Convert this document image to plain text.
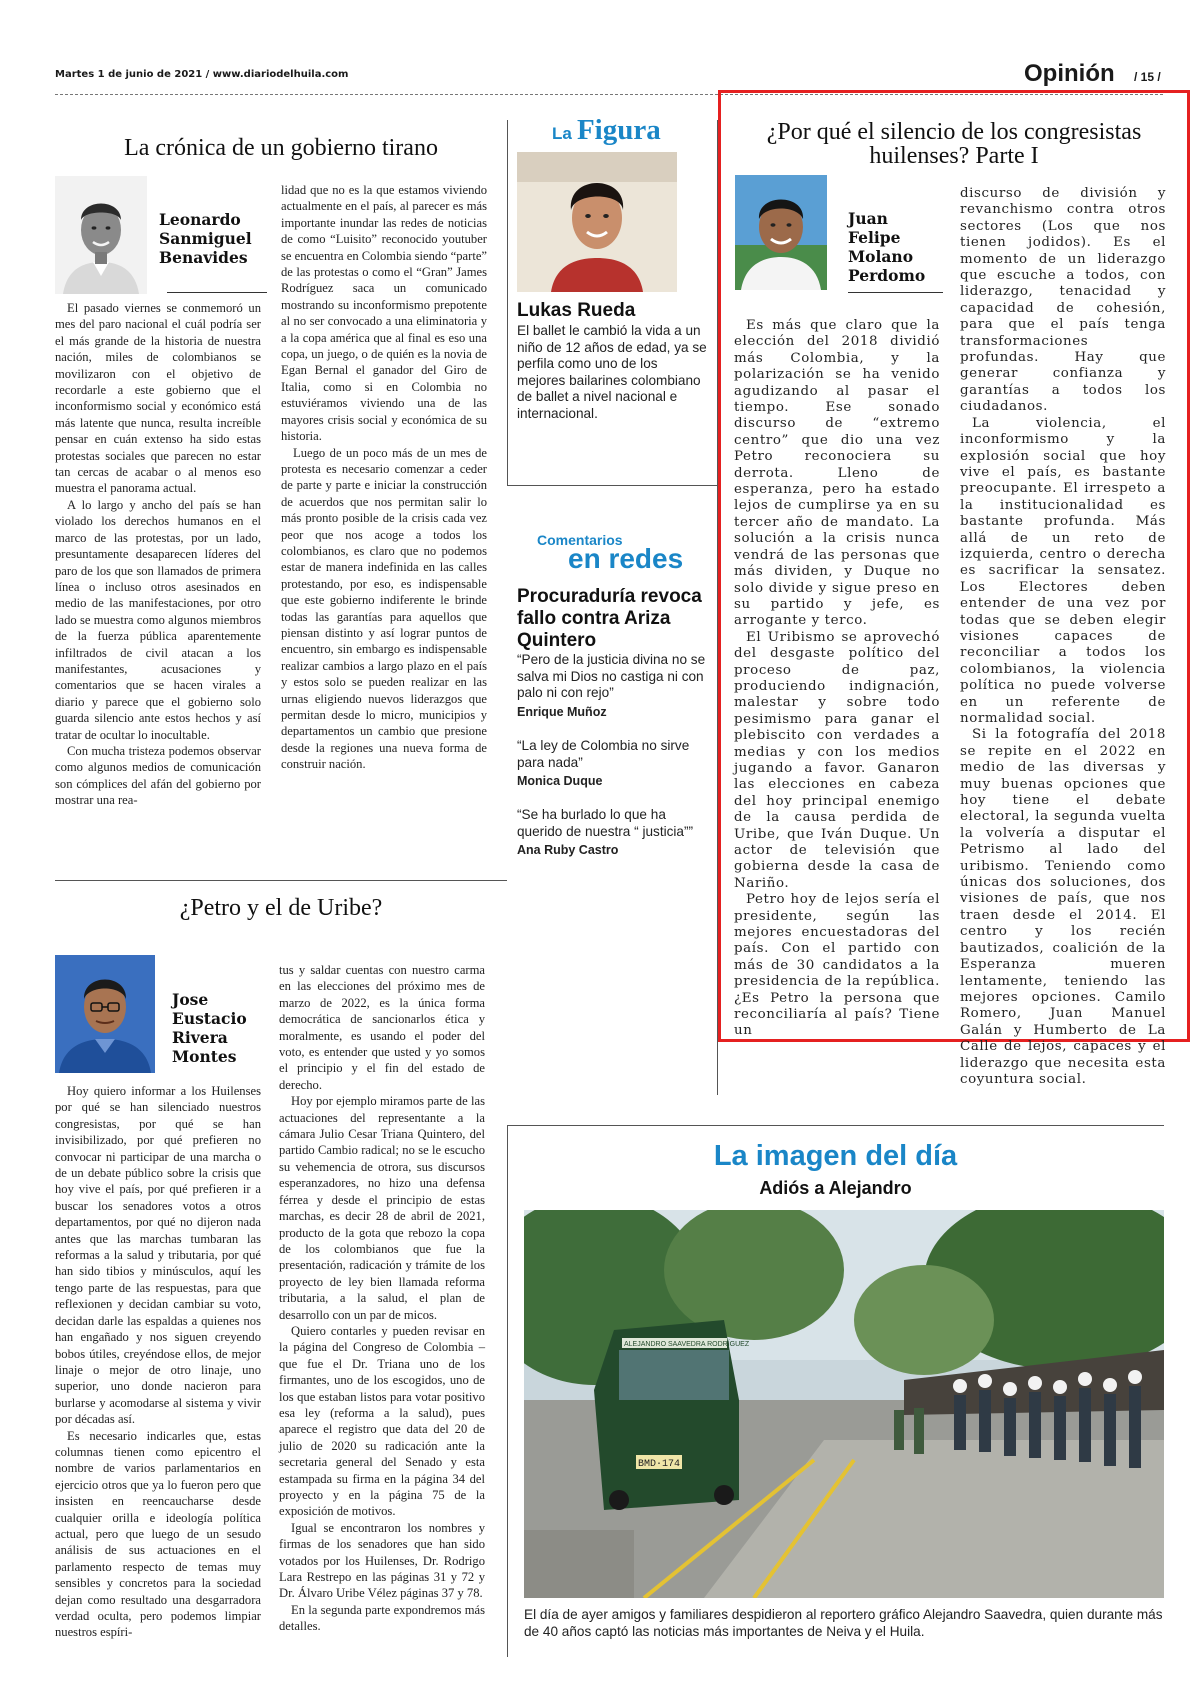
Martes 1 de junio de 2021 / www.diariodelhuila.com	Opinión / 15 /
La crónica de un gobierno tirano
Leonardo
Sanmiguel
Benavides

El pasado viernes se conmemoró un mes del paro nacional el cuál podría ser el más grande de la historia de nuestra nación, miles de colombianos se movilizaron con el objetivo de recordarle a este gobierno que el inconformismo social y económico está más latente que nunca, resulta increíble pensar en cuán extenso ha sido estas protestas sociales que parecen no estar tan cercas de acabar o al menos eso muestra el panorama actual.

A lo largo y ancho del país se han violado los derechos humanos en el marco de las protestas, por un lado, presuntamente desaparecen líderes del paro de los que son llamados de primera línea o incluso otros asesinados en medio de las manifestaciones, por otro lado se muestra como algunos miembros de la fuerza pública aparentemente infiltrados de civil atacan a los manifestantes, acusaciones y comentarios que se hacen virales a diario y parece que el gobierno solo guarda silencio ante estos hechos y así tratar de ocultar lo inocultable.

Con mucha tristeza podemos observar como algunos medios de comunicación son cómplices del afán del gobierno por mostrar una rea-

lidad que no es la que estamos viviendo actualmente en el país, al parecer es más importante inundar las redes de noticias de como “Luisito” reconocido youtuber se encuentra en Colombia siendo “parte” de las protestas o como el “Gran” James Rodríguez saca un comunicado mostrando su inconformismo prepotente al no ser convocado a una eliminatoria y a la copa américa que al final es eso una copa, un juego, o de quién es la novia de Egan Bernal el ganador del Giro de Italia, como si en Colombia no estuviéramos viviendo una de las mayores crisis social y económica de su historia.

Luego de un poco más de un mes de protesta es necesario comenzar a ceder de parte y parte e iniciar la construcción de acuerdos que nos permitan salir lo más pronto posible de la crisis cada vez peor que nos acoge a todos los colombianos, es claro que no podemos estar de manera indefinida en las calles protestando, por eso, es indispensable que este gobierno indiferente le brinde todas las garantías para aquellos que piensan distinto y así lograr puntos de encuentro, sin embargo es indispensable realizar cambios a largo plazo en el país y estos solo se pueden realizar en las urnas eligiendo nuevos liderazgos que permitan desde lo micro, municipios y departamentos un cambio que presione desde la regiones una nueva forma de construir nación.

¿Petro y el de Uribe?
Jose
Eustacio
Rivera
Montes

Hoy quiero informar a los Huilenses por qué se han silenciado nuestros congresistas, por qué se han invisibilizado, por qué prefieren no convocar ni participar de una marcha o de un debate público sobre la crisis que hoy vive el país, por qué prefieren ir a buscar los senadores votos a otros departamentos, por qué no dijeron nada antes que las marchas tumbaran las reformas a la salud y tributaria, por qué han sido tibios y minúsculos, aquí les tengo parte de las respuestas, para que reflexionen y decidan cambiar su voto, decidan darle las espaldas a quienes nos han engañado y nos siguen creyendo bobos útiles, creyéndose ellos, de mejor linaje o mejor de otro linaje, uno superior, uno donde nacieron para burlarse y acomodarse al sistema y vivir por décadas así.

Es necesario indicarles que, estas columnas tienen como epicentro el nombre de varios parlamentarios en ejercicio otros que ya lo fueron pero que insisten en reencaucharse desde cualquier orilla e ideología política actual, pero que luego de un sesudo análisis de sus actuaciones en el parlamento respecto de temas muy sensibles y concretos para la sociedad dejan como resultado una desgarradora verdad oculta, pero podemos limpiar nuestros espíri-

tus y saldar cuentas con nuestro carma en las elecciones del próximo mes de marzo de 2022, es la única forma democrática de sancionarlos ética y moralmente, es usando el poder del voto, es entender que usted y yo somos el principio y el fin del estado de derecho.

Hoy por ejemplo miramos parte de las actuaciones del representante a la cámara Julio Cesar Triana Quintero, del partido Cambio radical; no se le escucho su vehemencia de otrora, sus discursos esperanzadores, no hizo una defensa férrea y desde el principio de estas marchas, es decir 28 de abril de 2021, producto de la gota que rebozo la copa de los colombianos que fue la presentación, radicación y trámite de los proyecto de ley bien llamada reforma tributaria, a la salud, el plan de desarrollo con un par de micos.

Quiero contarles y pueden revisar en la página del Congreso de Colombia – que fue el Dr. Triana uno de los firmantes, uno de los escogidos, uno de los que estaban listos para votar positivo esa ley (reforma a la salud), pues aparece el registro que data del 20 de julio de 2020 su radicación ante la secretaria general del Senado y esta estampada su firma en la página 34 del proyecto y en la página 75 de la exposición de motivos.

Igual se encontraron los nombres y firmas de los senadores que han sido votados por los Huilenses, Dr. Rodrigo Lara Restrepo en las páginas 31 y 72 y Dr. Álvaro Uribe Vélez páginas 37 y 78.

En la segunda parte expondremos más detalles.

La Figura
Lukas Rueda
El ballet le cambió la vida a un niño de 12 años de edad, ya se perfila como uno de los mejores bailarines colombiano de ballet a nivel nacional e internacional.
Comentarios
en redes
Procuraduría revoca fallo contra Ariza Quintero
“Pero de la justicia divina no se salva mi Dios no castiga ni con palo ni con rejo”
Enrique Muñoz
“La ley de Colombia no sirve para nada”
Monica Duque
“Se ha burlado lo que ha querido de nuestra “ justicia””
Ana Ruby Castro
¿Por qué el silencio de los congresistas
huilenses? Parte I
Juan
Felipe
Molano
Perdomo

Es más que claro que la elección del 2018 dividió más Colombia, y la polarización se ha venido agudizando al pasar el tiempo. Ese sonado discurso de “extremo centro” que dio una vez Petro reconociera su derrota. Lleno de esperanza, pero ha estado lejos de cumplirse ya en su tercer año de mandato. La solución a la crisis nunca vendrá de las personas que más dividen, y Duque no solo divide y sigue preso en su partido y jefe, es arrogante y terco.

El Uribismo se aprovechó del desgaste político del proceso de paz, produciendo indignación, malestar y sobre todo pesimismo para ganar el plebiscito con verdades a medias y con los medios jugando a favor. Ganaron las elecciones en cabeza del hoy principal enemigo de la causa perdida de Uribe, que Iván Duque. Un actor de televisión que gobierna desde la casa de Nariño.

Petro hoy de lejos sería el presidente, según las mejores encuestadoras del país. Con el partido con más de 30 candidatos a la presidencia de la república. ¿Es Petro la persona que reconciliaría al país? Tiene un

discurso de división y revanchismo contra otros sectores (Los que nos tienen jodidos). Es el momento de un liderazgo que escuche a todos, con liderazgo, tenacidad y capacidad de cohesión, para que el país tenga transformaciones profundas. Hay que generar confianza y garantías a todos los ciudadanos.

La violencia, el inconformismo y la explosión social que hoy vive el país, es bastante preocupante. El irrespeto a la institucionalidad es bastante profunda. Más allá de un reto de izquierda, centro o derecha es sacrificar la sensatez. Los Electores deben entender de una vez por todas que se deben elegir visiones capaces de reconciliar a todos los colombianos, la violencia política no puede volverse en un referente de normalidad social.

Si la fotografía del 2018 se repite en el 2022 en medio de las diversas y muy buenas opciones que hoy tiene el debate electoral, la segunda vuelta la volvería a disputar el Petrismo al lado del uribismo. Teniendo como únicas dos soluciones, dos visiones de país, que nos traen desde el 2014. El centro y los recién bautizados, coalición de la Esperanza mueren lentamente, teniendo las mejores opciones. Camilo Romero, Juan Manuel Galán y Humberto de La Calle de lejos, capaces y el liderazgo que necesita esta coyuntura social.

La imagen del día
Adiós a Alejandro
ALEJANDRO SAAVEDRA RODRÍGUEZ
BMD·174
El día de ayer amigos y familiares despidieron al reportero gráfico Alejandro Saavedra, quien durante más de 40 años captó las noticias más importantes de Neiva y el Huila.
